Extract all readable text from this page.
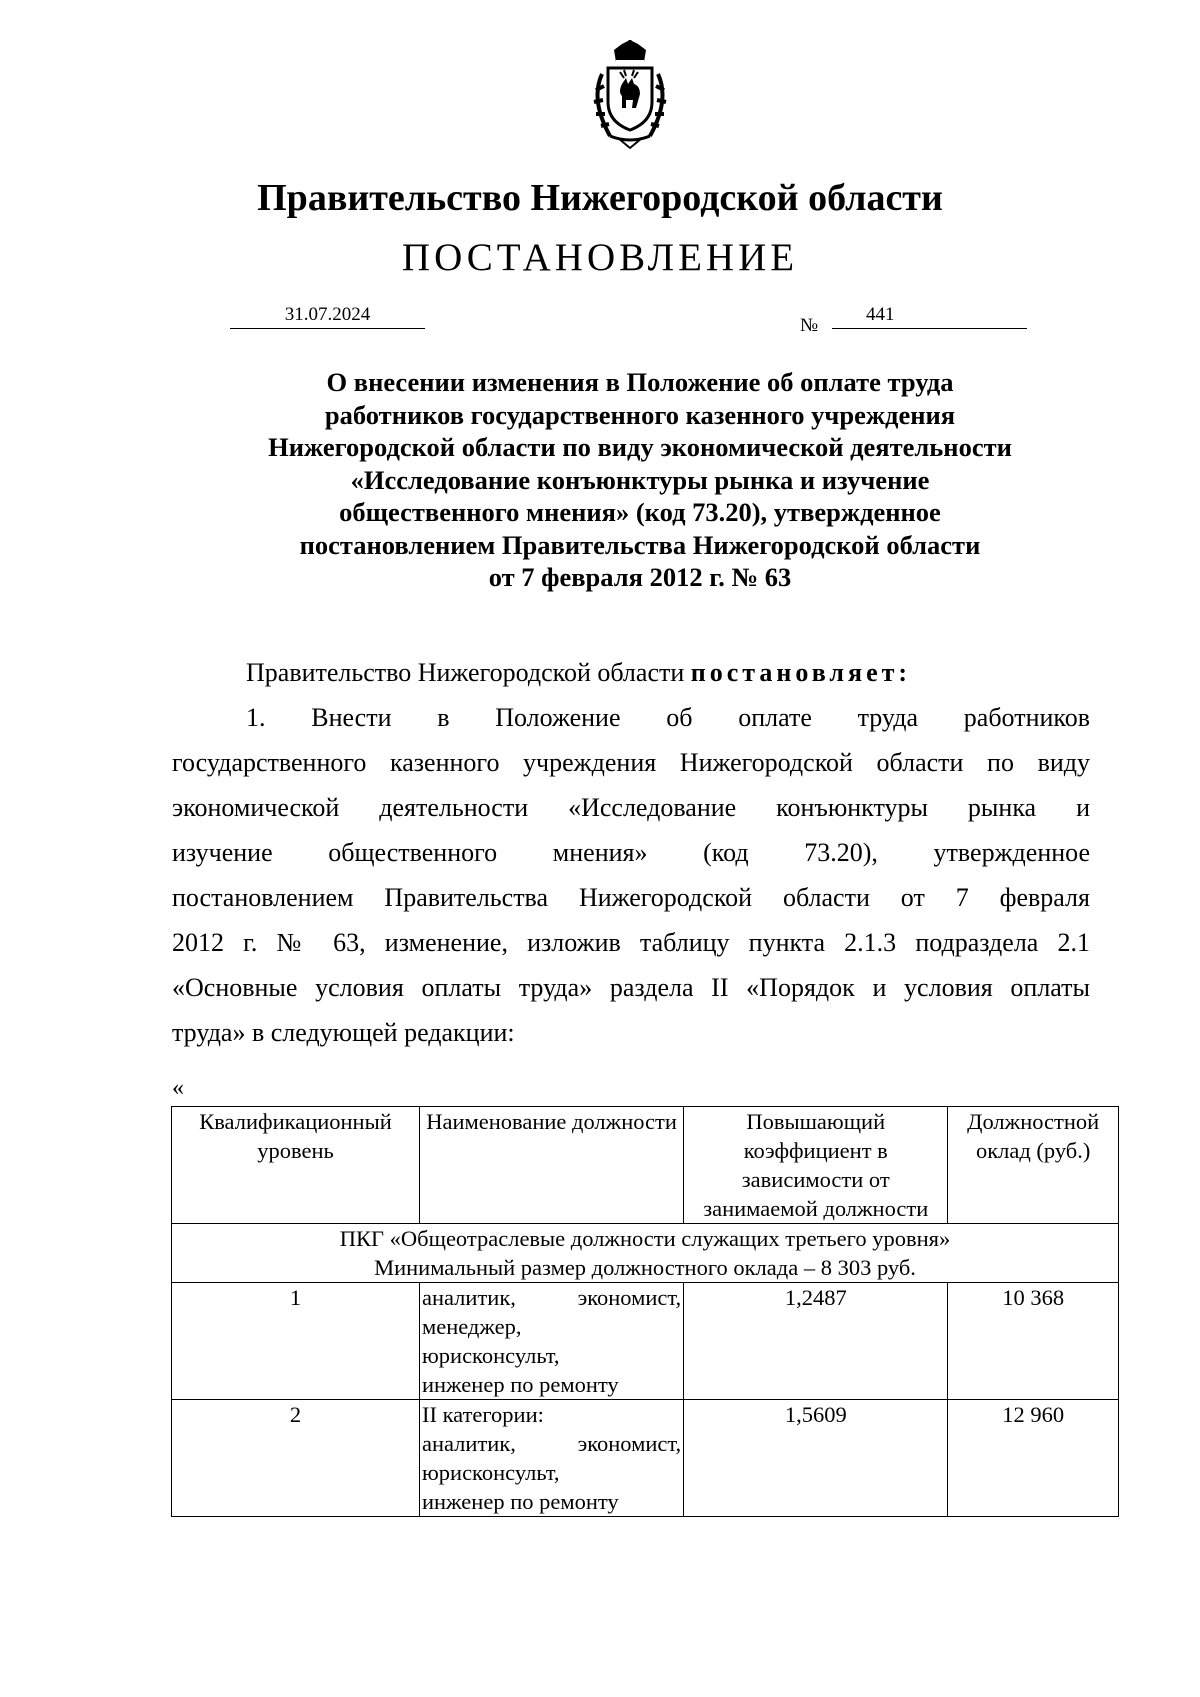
Правительство Нижегородской области
ПОСТАНОВЛЕНИЕ
31.07.2024
№
441
О внесении изменения в Положение об оплате труда
работников государственного казенного учреждения
Нижегородской области по виду экономической деятельности
«Исследование конъюнктуры рынка и изучение
общественного мнения» (код 73.20), утвержденное
постановлением Правительства Нижегородской области
от 7 февраля 2012 г. № 63
Правительство Нижегородской области постановляет:
1. Внести в Положение об оплате труда работников
государственного казенного учреждения Нижегородской области по виду
экономической деятельности «Исследование конъюнктуры рынка и
изучение общественного мнения» (код 73.20), утвержденное
постановлением Правительства Нижегородской области от 7 февраля
2012 г. № 63, изменение, изложив таблицу пункта 2.1.3 подраздела 2.1
«Основные условия оплаты труда» раздела II «Порядок и условия оплаты
труда» в следующей редакции:
«
Квалификационный уровень	Наименование должности	Повышающий коэффициент в зависимости от занимаемой должности	Должностной оклад (руб.)

ПКГ «Общеотраслевые должности служащих третьего уровня»
Минимальный размер должностного оклада – 8 303 руб.			

1	аналитик, экономист,
менеджер,
юрисконсульт,
инженер по ремонту	1,2487	10 368
2	II категории:
аналитик, экономист,
юрисконсульт,
инженер по ремонту	1,5609	12 960
